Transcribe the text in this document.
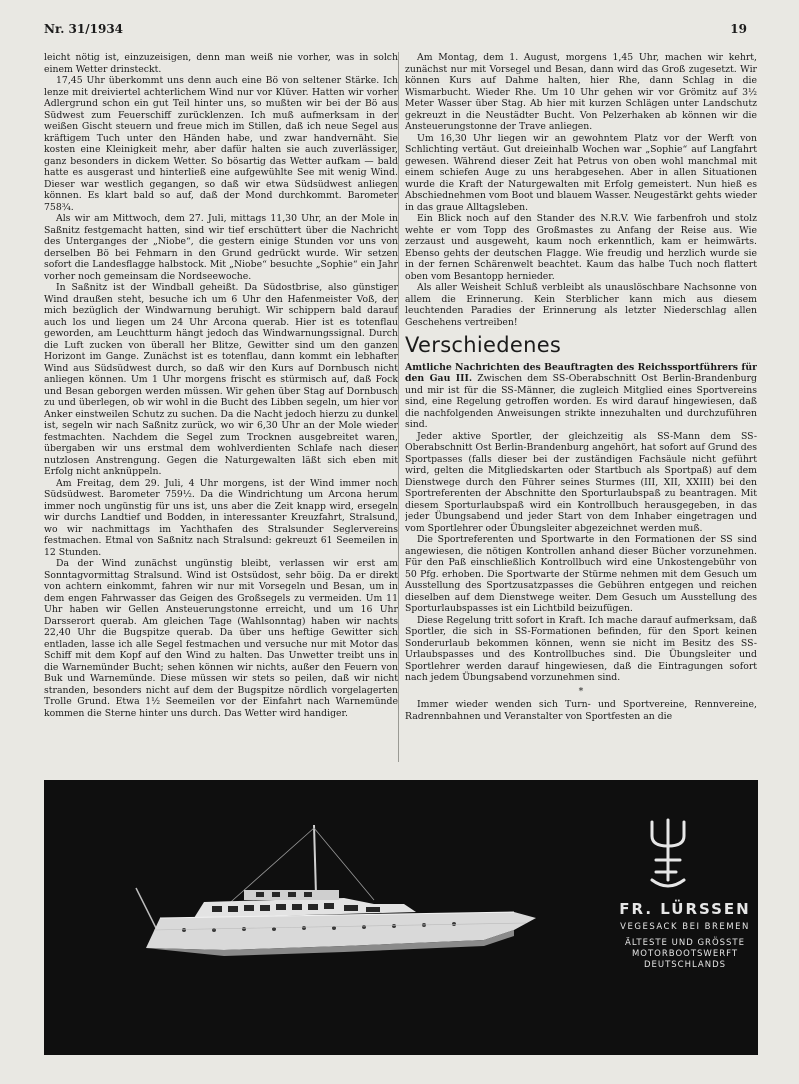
Nr. 31/1934	19

leicht nötig ist, einzuzeisigen, denn man weiß nie vorher, was in solch einem Wetter drinsteckt.

17,45 Uhr überkommt uns denn auch eine Bö von seltener Stärke. Ich lenze mit dreiviertel achterlichem Wind nur vor Klüver. Hatten wir vorher Adlergrund schon ein gut Teil hinter uns, so mußten wir bei der Bö aus Südwest zum Feuerschiff zurücklenzen. Ich muß aufmerksam in der weißen Gischt steuern und freue mich im Stillen, daß ich neue Segel aus kräftigem Tuch unter den Händen habe, und zwar handvernäht. Sie kosten eine Kleinigkeit mehr, aber dafür halten sie auch zuverlässiger, ganz besonders in dickem Wetter. So bösartig das Wetter aufkam — bald hatte es ausgerast und hinterließ eine aufgewühlte See mit wenig Wind. Dieser war westlich gegangen, so daß wir etwa Südsüdwest anliegen können. Es klart bald so auf, daß der Mond durchkommt. Barometer 758¾.

Als wir am Mittwoch, dem 27. Juli, mittags 11,30 Uhr, an der Mole in Saßnitz festgemacht hatten, sind wir tief erschüttert über die Nachricht des Unterganges der „Niobe“, die gestern einige Stunden vor uns von derselben Bö bei Fehmarn in den Grund gedrückt wurde. Wir setzen sofort die Landesflagge halbstock. Mit „Niobe“ besuchte „Sophie“ ein Jahr vorher noch gemeinsam die Nordseewoche.

In Saßnitz ist der Windball geheißt. Da Südostbrise, also günstiger Wind draußen steht, besuche ich um 6 Uhr den Hafenmeister Voß, der mich bezüglich der Windwarnung beruhigt. Wir schippern bald darauf auch los und liegen um 24 Uhr Arcona querab. Hier ist es totenflau geworden, am Leuchtturm hängt jedoch das Windwarnungssignal. Durch die Luft zucken von überall her Blitze, Gewitter sind um den ganzen Horizont im Gange. Zunächst ist es totenflau, dann kommt ein lebhafter Wind aus Südsüdwest durch, so daß wir den Kurs auf Dornbusch nicht anliegen können. Um 1 Uhr morgens frischt es stürmisch auf, daß Fock und Besan geborgen werden müssen. Wir gehen über Stag auf Dornbusch zu und überlegen, ob wir wohl in die Bucht des Libben segeln, um hier vor Anker einstweilen Schutz zu suchen. Da die Nacht jedoch hierzu zu dunkel ist, segeln wir nach Saßnitz zurück, wo wir 6,30 Uhr an der Mole wieder festmachten. Nachdem die Segel zum Trocknen ausgebreitet waren, übergaben wir uns erstmal dem wohlverdienten Schlafe nach dieser nutzlosen Anstrengung. Gegen die Naturgewalten läßt sich eben mit Erfolg nicht anknüppeln.

Am Freitag, dem 29. Juli, 4 Uhr morgens, ist der Wind immer noch Südsüdwest. Barometer 759½. Da die Windrichtung um Arcona herum immer noch ungünstig für uns ist, uns aber die Zeit knapp wird, ersegeln wir durchs Landtief und Bodden, in interessanter Kreuzfahrt, Stralsund, wo wir nachmittags im Yachthafen des Stralsunder Seglervereins festmachen. Etmal von Saßnitz nach Stralsund: gekreuzt 61 Seemeilen in 12 Stunden.

Da der Wind zunächst ungünstig bleibt, verlassen wir erst am Sonntagvormittag Stralsund. Wind ist Ostsüdost, sehr böig. Da er direkt von achtern einkommt, fahren wir nur mit Vorsegeln und Besan, um in dem engen Fahrwasser das Geigen des Großsegels zu vermeiden. Um 11 Uhr haben wir Gellen Ansteuerungstonne erreicht, und um 16 Uhr Darsserort querab. Am gleichen Tage (Wahlsonntag) haben wir nachts 22,40 Uhr die Bugspitze querab. Da über uns heftige Gewitter sich entladen, lasse ich alle Segel festmachen und versuche nur mit Motor das Schiff mit dem Kopf auf den Wind zu halten. Das Unwetter treibt uns in die Warnemünder Bucht; sehen können wir nichts, außer den Feuern von Buk und Warnemünde. Diese müssen wir stets so peilen, daß wir nicht stranden, besonders nicht auf dem der Bugspitze nördlich vorgelagerten Trolle Grund. Etwa 1½ Seemeilen vor der Einfahrt nach Warnemünde kommen die Sterne hinter uns durch. Das Wetter wird handiger.

Am Montag, dem 1. August, morgens 1,45 Uhr, machen wir kehrt, zunächst nur mit Vorsegel und Besan, dann wird das Groß zugesetzt. Wir können Kurs auf Dahme halten, hier Rhe, dann Schlag in die Wismarbucht. Wieder Rhe. Um 10 Uhr gehen wir vor Grömitz auf 3½ Meter Wasser über Stag. Ab hier mit kurzen Schlägen unter Landschutz gekreuzt in die Neustädter Bucht. Von Pelzerhaken ab können wir die Ansteuerungstonne der Trave anliegen.

Um 16,30 Uhr liegen wir an gewohntem Platz vor der Werft von Schlichting vertäut. Gut dreieinhalb Wochen war „Sophie“ auf Langfahrt gewesen. Während dieser Zeit hat Petrus von oben wohl manchmal mit einem schiefen Auge zu uns herabgesehen. Aber in allen Situationen wurde die Kraft der Naturgewalten mit Erfolg gemeistert. Nun hieß es Abschiednehmen vom Boot und blauem Wasser. Neugestärkt gehts wieder in das graue Alltagsleben.

Ein Blick noch auf den Stander des N.R.V. Wie farbenfroh und stolz wehte er vom Topp des Großmastes zu Anfang der Reise aus. Wie zerzaust und ausgeweht, kaum noch erkenntlich, kam er heimwärts. Ebenso gehts der deutschen Flagge. Wie freudig und herzlich wurde sie in der fernen Schärenwelt beachtet. Kaum das halbe Tuch noch flattert oben vom Besantopp hernieder.

Als aller Weisheit Schluß verbleibt als unauslöschbare Nachsonne von allem die Erinnerung. Kein Sterblicher kann mich aus diesem leuchtenden Paradies der Erinnerung als letzter Niederschlag allen Geschehens vertreiben!

Verschiedenes

Amtliche Nachrichten des Beauftragten des Reichssportführers für den Gau III. Zwischen dem SS-Oberabschnitt Ost Berlin-Brandenburg und mir ist für die SS-Männer, die zugleich Mitglied eines Sportvereins sind, eine Regelung getroffen worden. Es wird darauf hingewiesen, daß die nachfolgenden Anweisungen strikte innezuhalten und durchzuführen sind.

Jeder aktive Sportler, der gleichzeitig als SS-Mann dem SS-Oberabschnitt Ost Berlin-Brandenburg angehört, hat sofort auf Grund des Sportpasses (falls dieser bei der zuständigen Fachsäule nicht geführt wird, gelten die Mitgliedskarten oder Startbuch als Sportpaß) auf dem Dienstwege durch den Führer seines Sturmes (III, XII, XXIII) bei den Sportreferenten der Abschnitte den Sporturlaubspaß zu beantragen. Mit diesem Sporturlaubspaß wird ein Kontrollbuch herausgegeben, in das jeder Übungsabend und jeder Start von dem Inhaber eingetragen und vom Sportlehrer oder Übungsleiter abgezeichnet werden muß.

Die Sportreferenten und Sportwarte in den Formationen der SS sind angewiesen, die nötigen Kontrollen anhand dieser Bücher vorzunehmen. Für den Paß einschließlich Kontrollbuch wird eine Unkostengebühr von 50 Pfg. erhoben. Die Sportwarte der Stürme nehmen mit dem Gesuch um Ausstellung des Sportzusatzpasses die Gebühren entgegen und reichen dieselben auf dem Dienstwege weiter. Dem Gesuch um Ausstellung des Sporturlaubspasses ist ein Lichtbild beizufügen.

Diese Regelung tritt sofort in Kraft. Ich mache darauf aufmerksam, daß Sportler, die sich in SS-Formationen befinden, für den Sport keinen Sonderurlaub bekommen können, wenn sie nicht im Besitz des SS-Urlaubspasses und des Kontrollbuches sind. Die Übungsleiter und Sportlehrer werden darauf hingewiesen, daß die Eintragungen sofort nach jedem Übungsabend vorzunehmen sind.

*

Immer wieder wenden sich Turn- und Sportvereine, Rennvereine, Radrennbahnen und Veranstalter von Sportfesten an die

FR. LÜRSSEN
VEGESACK BEI BREMEN
ÄLTESTE UND GRÖSSTE
MOTORBOOTSWERFT
DEUTSCHLANDS
